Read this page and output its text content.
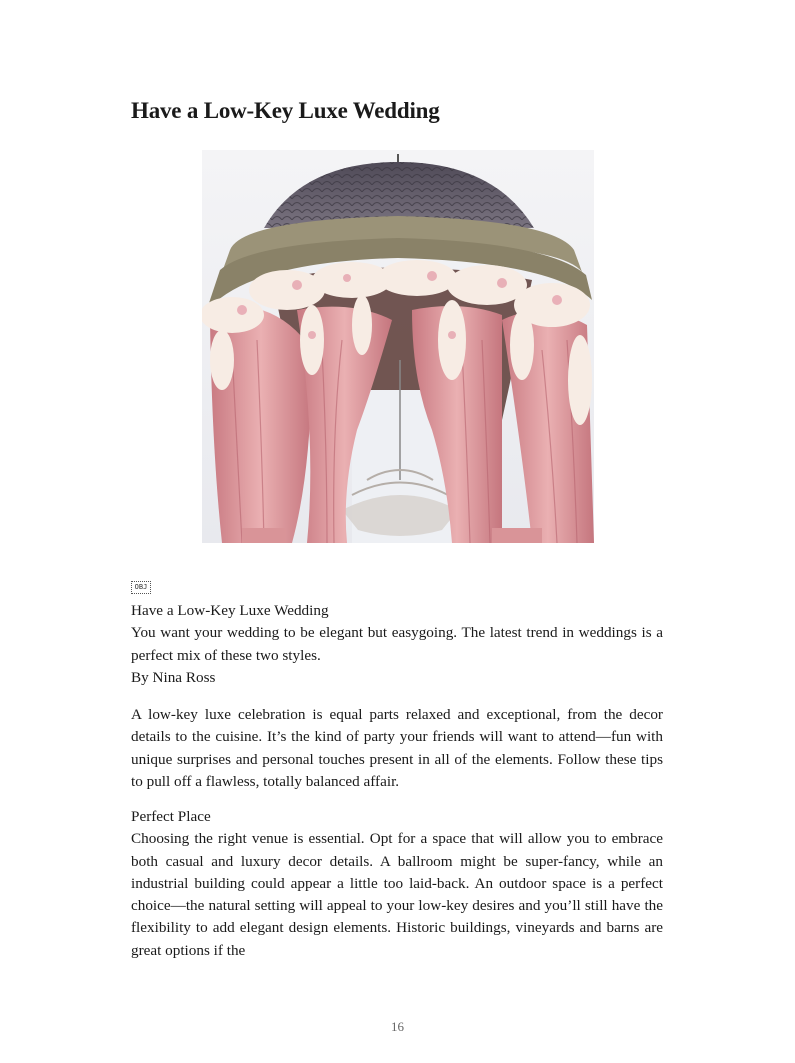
Have a Low-Key Luxe Wedding
OBJ
Have a Low-Key Luxe Wedding
You want your wedding to be elegant but easygoing. The latest trend in weddings is a perfect mix of these two styles.
By Nina Ross

A low-key luxe celebration is equal parts relaxed and exceptional, from the decor details to the cuisine. It’s the kind of party your friends will want to attend—fun with unique surprises and personal touches present in all of the elements. Follow these tips to pull off a flawless, totally balanced affair.

Perfect Place
Choosing the right venue is essential. Opt for a space that will allow you to embrace both casual and luxury decor details. A ballroom might be super-fancy, while an industrial building could appear a little too laid-back. An outdoor space is a perfect choice—the natural setting will appeal to your low-key desires and you’ll still have the flexibility to add elegant design elements. Historic buildings, vineyards and barns are great options if the
16
